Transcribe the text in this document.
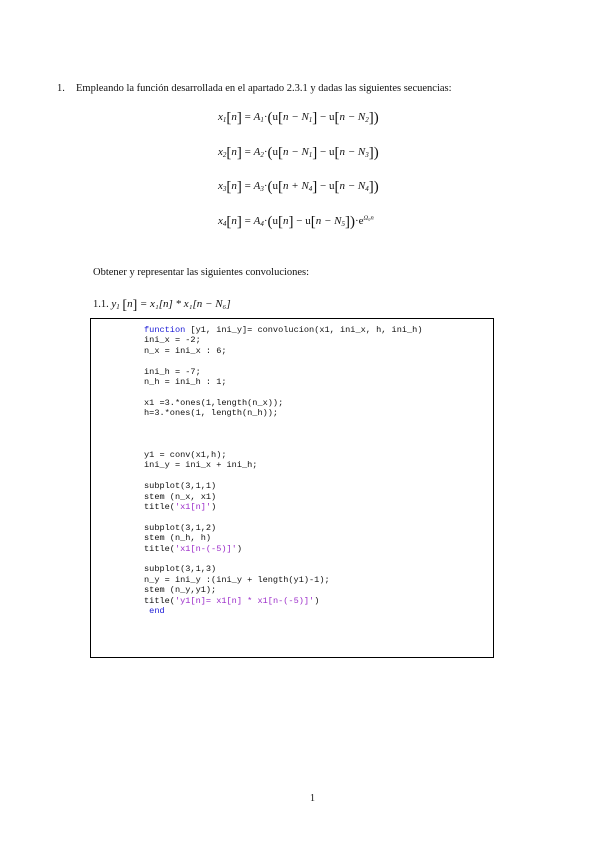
1. Empleando la función desarrollada en el apartado 2.3.1 y dadas las siguientes secuencias:
$x_1[n] = A_1\cdot(u[n - N_1] - u[n - N_2])$
$x_2[n] = A_2\cdot(u[n - N_1] - u[n - N_3])$
$x_3[n] = A_3\cdot(u[n + N_4] - u[n - N_4])$
$x_4[n] = A_4\cdot(u[n] - u[n - N_5])\cdot e^{\Omega_0n}$
Obtener y representar las siguientes convoluciones:
1.1. $y_1$ [n] = x₁[n] * x₁[n − N₆]
function [y1, ini_y]= convolucion(x1, ini_x, h, ini_h)
ini_x = -2;
n_x = ini_x : 6;

ini_h = -7;
n_h = ini_h : 1;

x1 =3.*ones(1,length(n_x));
h=3.*ones(1, length(n_h));

y1 = conv(x1,h);
ini_y = ini_x + ini_h;

subplot(3,1,1)
stem (n_x, x1)
title('x1[n]')

subplot(3,1,2)
stem (n_h, h)
title('x1[n-(-5)]')

subplot(3,1,3)
n_y = ini_y :(ini_y + length(y1)-1);
stem (n_y,y1);
title('y1[n]= x1[n] * x1[n-(-5)]')
end

1
